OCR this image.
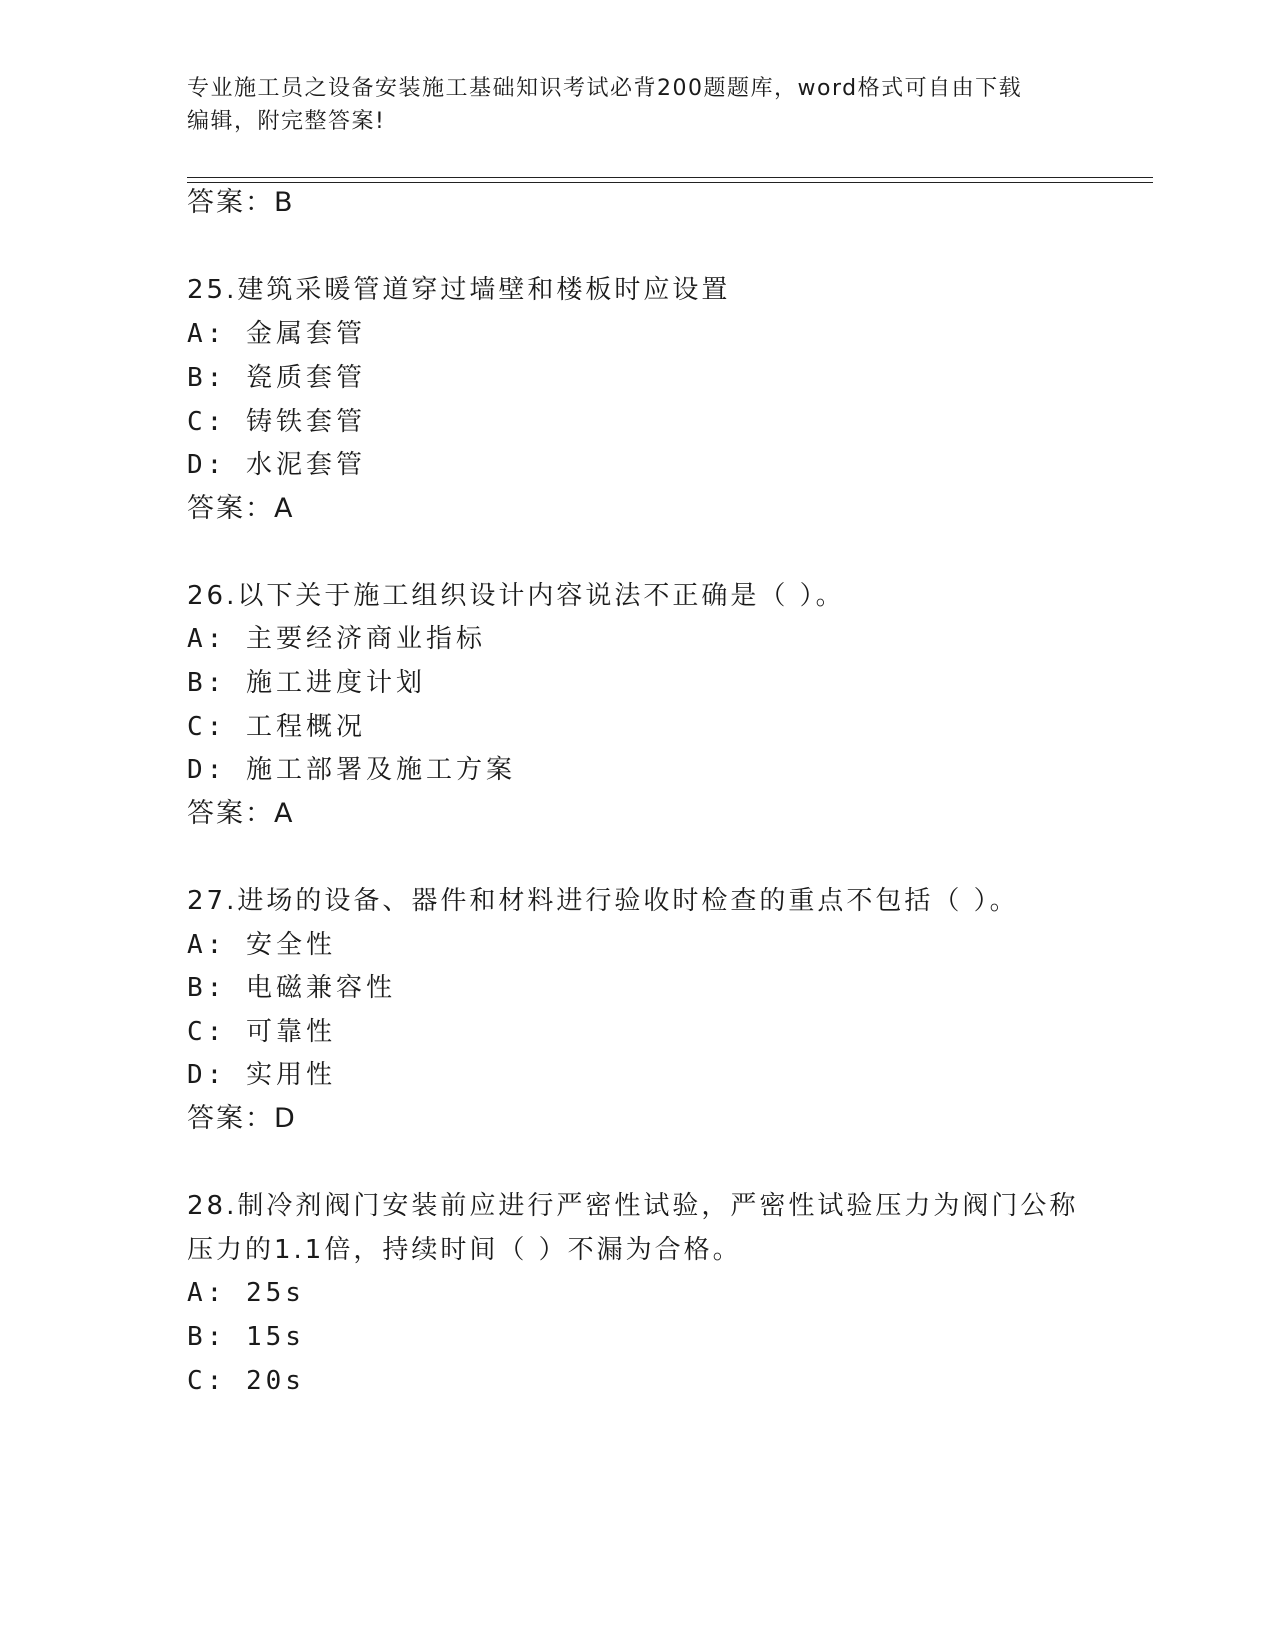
专业施工员之设备安装施工基础知识考试必背200题题库，word格式可自由下载
编辑，附完整答案!
答案：B
25.建筑采暖管道穿过墙壁和楼板时应设置
A: 金属套管
B: 瓷质套管
C: 铸铁套管
D: 水泥套管
答案：A
26.以下关于施工组织设计内容说法不正确是（ ）。
A: 主要经济商业指标
B: 施工进度计划
C: 工程概况
D: 施工部署及施工方案
答案：A
27.进场的设备、器件和材料进行验收时检查的重点不包括（ ）。
A: 安全性
B: 电磁兼容性
C: 可靠性
D: 实用性
答案：D
28.制冷剂阀门安装前应进行严密性试验，严密性试验压力为阀门公称
压力的1.1倍，持续时间（ ）不漏为合格。
A: 25s
B: 15s
C: 20s
